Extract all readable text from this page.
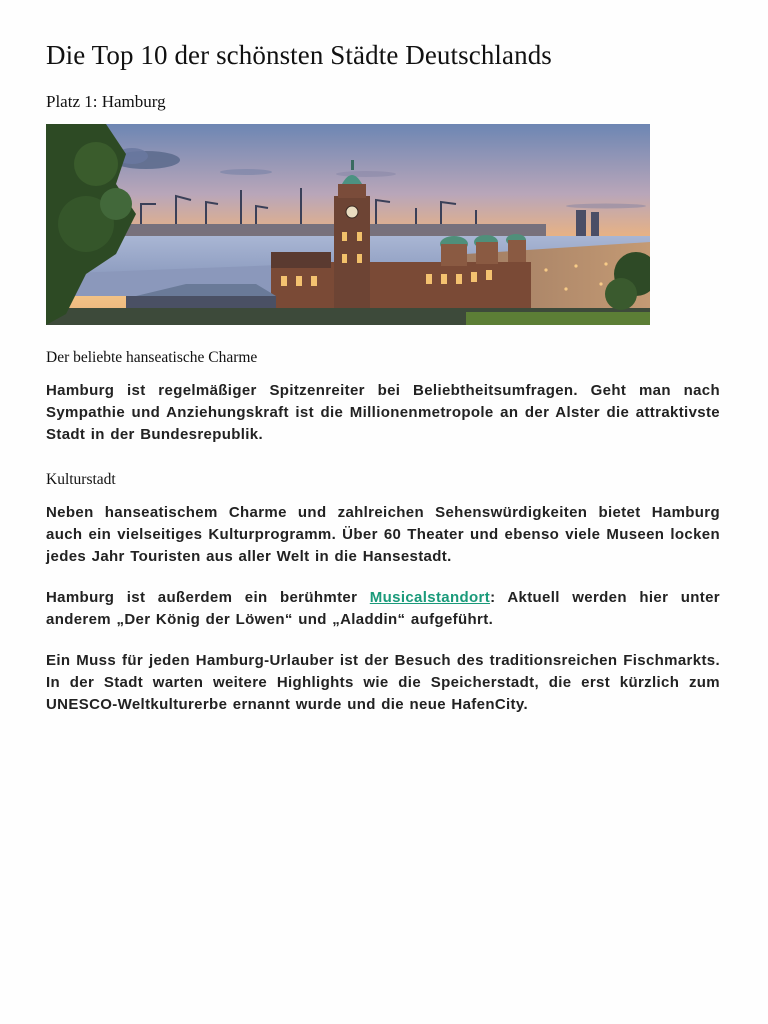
Die Top 10 der schönsten Städte Deutschlands

Platz 1: Hamburg

Der beliebte hanseatische Charme

Hamburg ist regelmäßiger Spitzenreiter bei Beliebtheitsumfragen. Geht man nach Sympathie und Anziehungskraft ist die Millionenmetropole an der Alster die attraktivste Stadt in der Bundesrepublik.

Kulturstadt

Neben hanseatischem Charme und zahlreichen Sehenswürdigkeiten bietet Hamburg auch ein vielseitiges Kulturprogramm. Über 60 Theater und ebenso viele Museen locken jedes Jahr Touristen aus aller Welt in die Hansestadt.

Hamburg ist außerdem ein berühmter Musicalstandort: Aktuell werden hier unter anderem „Der König der Löwen“ und „Aladdin“ aufgeführt.

Ein Muss für jeden Hamburg-Urlauber ist der Besuch des traditionsreichen Fischmarkts. In der Stadt warten weitere Highlights wie die Speicherstadt, die erst kürzlich zum UNESCO-Weltkulturerbe ernannt wurde und die neue HafenCity.
